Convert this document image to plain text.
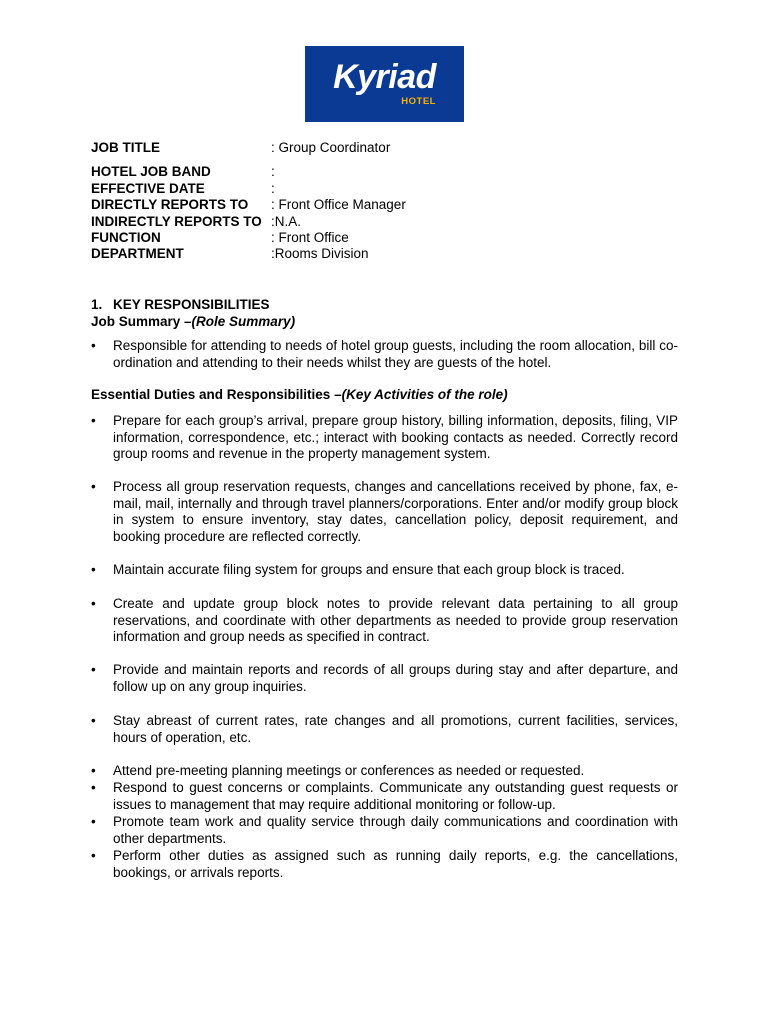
Kyriad
HOTEL
JOB TITLE	: Group Coordinator
HOTEL JOB BAND	:
EFFECTIVE DATE	:
DIRECTLY REPORTS TO : Front Office Manager
INDIRECTLY REPORTS TO :N.A.
FUNCTION	: Front Office
DEPARTMENT	:Rooms Division
1. KEY RESPONSIBILITIES
Job Summary –(Role Summary)
•	Responsible for attending to needs of hotel group guests, including the room allocation, bill co-ordination and attending to their needs whilst they are guests of the hotel.
Essential Duties and Responsibilities –(Key Activities of the role)
•	Prepare for each group’s arrival, prepare group history, billing information, deposits, filing, VIP information, correspondence, etc.; interact with booking contacts as needed. Correctly record group rooms and revenue in the property management system.
•	Process all group reservation requests, changes and cancellations received by phone, fax, e-mail, mail, internally and through travel planners/corporations. Enter and/or modify group block in system to ensure inventory, stay dates, cancellation policy, deposit requirement, and booking procedure are reflected correctly.
•	Maintain accurate filing system for groups and ensure that each group block is traced.
•	Create and update group block notes to provide relevant data pertaining to all group reservations, and coordinate with other departments as needed to provide group reservation information and group needs as specified in contract.
•	Provide and maintain reports and records of all groups during stay and after departure, and follow up on any group inquiries.
•	Stay abreast of current rates, rate changes and all promotions, current facilities, services, hours of operation, etc.
•	Attend pre-meeting planning meetings or conferences as needed or requested.
•	Respond to guest concerns or complaints. Communicate any outstanding guest requests or issues to management that may require additional monitoring or follow-up.
•	Promote team work and quality service through daily communications and coordination with other departments.
•	Perform other duties as assigned such as running daily reports, e.g. the cancellations, bookings, or arrivals reports.
